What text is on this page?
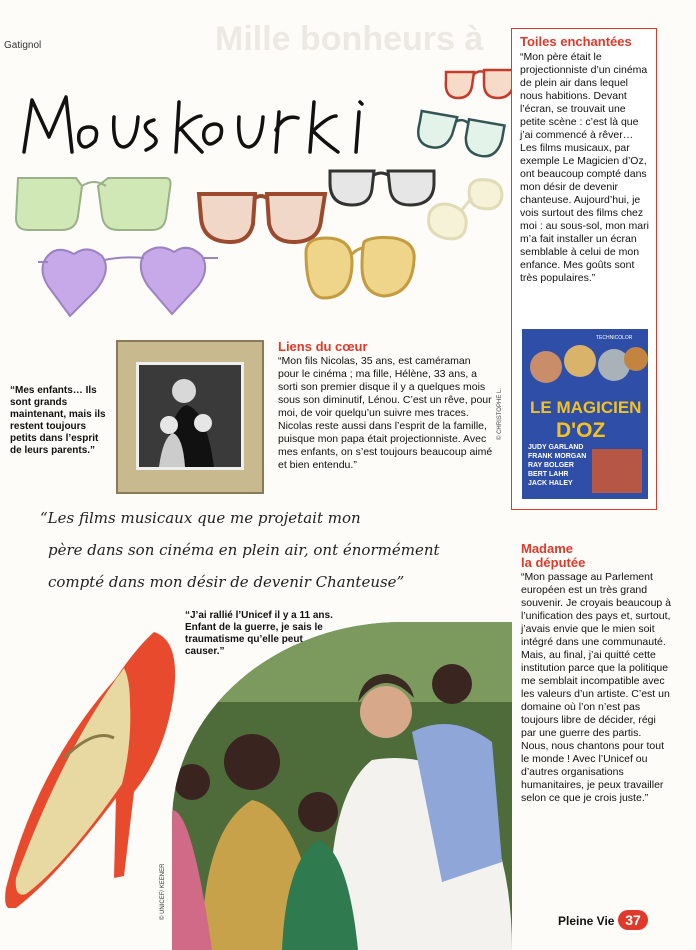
Gatignol	Mille bonheurs à	Toiles enchantées
“Mon père était le projectionniste d’un cinéma de plein air dans lequel nous habitions. Devant l’écran, se trouvait une petite scène : c’est là que j’ai commencé à rêver… Les films musicaux, par exemple Le Magicien d’Oz, ont beaucoup compté dans mon désir de devenir chanteuse. Aujourd’hui, je vois surtout des films chez moi : au sous-sol, mon mari m’a fait installer un écran semblable à celui de mon enfance. Mes goûts sont très populaires.”
TECHNICOLOR
LE MAGICIEN
D'OZ
JUDY GARLAND
FRANK MORGAN
RAY BOLGER
BERT LAHR
JACK HALEY
© CHRISTOPHE L.
“Mes enfants… Ils sont grands maintenant, mais ils restent toujours petits dans l’esprit de leurs parents.”
Liens du cœur
“Mon fils Nicolas, 35 ans, est caméraman pour le cinéma ; ma fille, Hélène, 33 ans, a sorti son premier disque il y a quelques mois sous son diminutif, Lénou. C’est un rêve, pour moi, de voir quelqu’un suivre mes traces. Nicolas reste aussi dans l’esprit de la famille, puisque mon papa était projectionniste. Avec mes enfants, on s’est toujours beaucoup aimé et bien entendu.”
“Les films musicaux que me projetait mon
père dans son cinéma en plein air, ont énormément
compté dans mon désir de devenir Chanteuse”
Madame
la députée
“Mon passage au Parlement européen est un très grand souvenir. Je croyais beaucoup à l’unification des pays et, surtout, j’avais envie que le mien soit intégré dans une communauté. Mais, au final, j’ai quitté cette institution parce que la politique me semblait incompatible avec les valeurs d’un artiste. C’est un domaine où l’on n’est pas toujours libre de décider, régi par une guerre des partis. Nous, nous chantons pour tout le monde ! Avec l’Unicef ou d’autres organisations humanitaires, je peux travailler selon ce que je crois juste.”
“J’ai rallié l’Unicef il y a 11 ans. Enfant de la guerre, je sais le traumatisme qu’elle peut causer.”
© UNICEF/ KEENER
Pleine Vie 37
